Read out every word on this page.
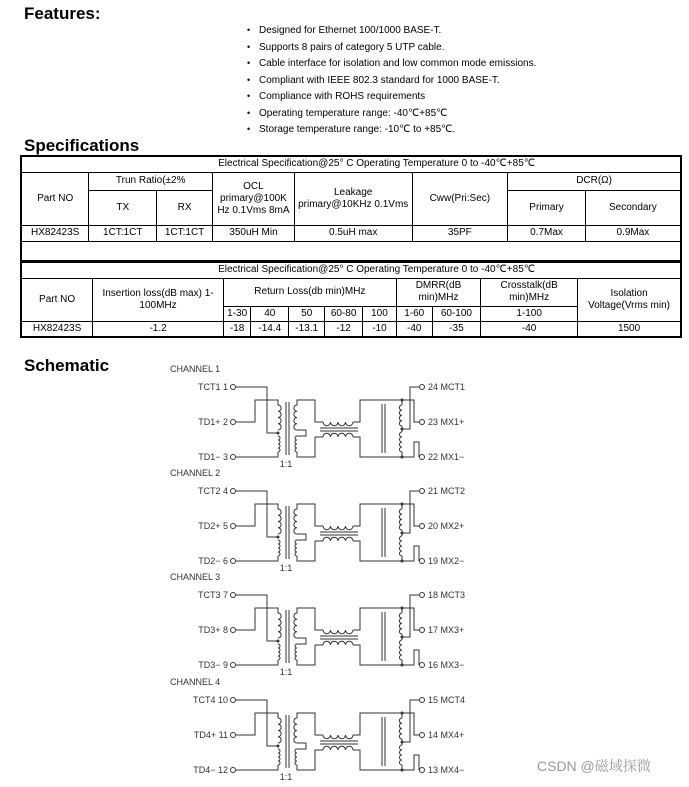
Features:
• Designed for Ethernet 100/1000 BASE-T.
• Supports 8 pairs of category 5 UTP cable.
• Cable interface for isolation and low common mode emissions.
• Compliant with IEEE 802.3 standard for 1000 BASE-T.
• Compliance with ROHS requirements
• Operating temperature range: -40℃+85℃
• Storage temperature range: -10℃ to +85℃.
Specifications
Electrical Specification@25° C Operating Temperature 0 to -40℃+85℃							
Part NO	Trun Ratio(±2%		OCL primary@100K Hz 0.1Vms 8mA	Leakage primary@10KHz 0.1Vms	Cww(Pri:Sec)	DCR(Ω)	
	TX	RX				Primary	Secondary
HX82423S	1CT:1CT	1CT:1CT	350uH Min	0.5uH max	35PF	0.7Max	0.9Max

Electrical Specification@25° C Operating Temperature 0 to -40℃+85℃										
Part NO	Insertion loss(dB max) 1-100MHz	Return Loss(db min)MHz					DMRR(dB min)MHz		Crosstalk(dB min)MHz	Isolation Voltage(Vrms min)
		1-30	40	50	60-80	100	1-60	60-100	1-100	
HX82423S	-1.2	-18	-14.4	-13.1	-12	-10	-40	-35	-40	1500
Schematic	CHANNEL 1
TCT1 1
TD1+ 2
TD1− 3
24 MCT1
23 MX1+
22 MX1−
1:1
CHANNEL 2
TCT2 4
TD2+ 5
TD2− 6
21 MCT2
20 MX2+
19 MX2−
1:1
CHANNEL 3
TCT3 7
TD3+ 8
TD3− 9
18 MCT3
17 MX3+
16 MX3−
1:1
CHANNEL 4
TCT4 10
TD4+ 11
TD4− 12
15 MCT4
14 MX4+
13 MX4−
1:1
CSDN @磁域探微
